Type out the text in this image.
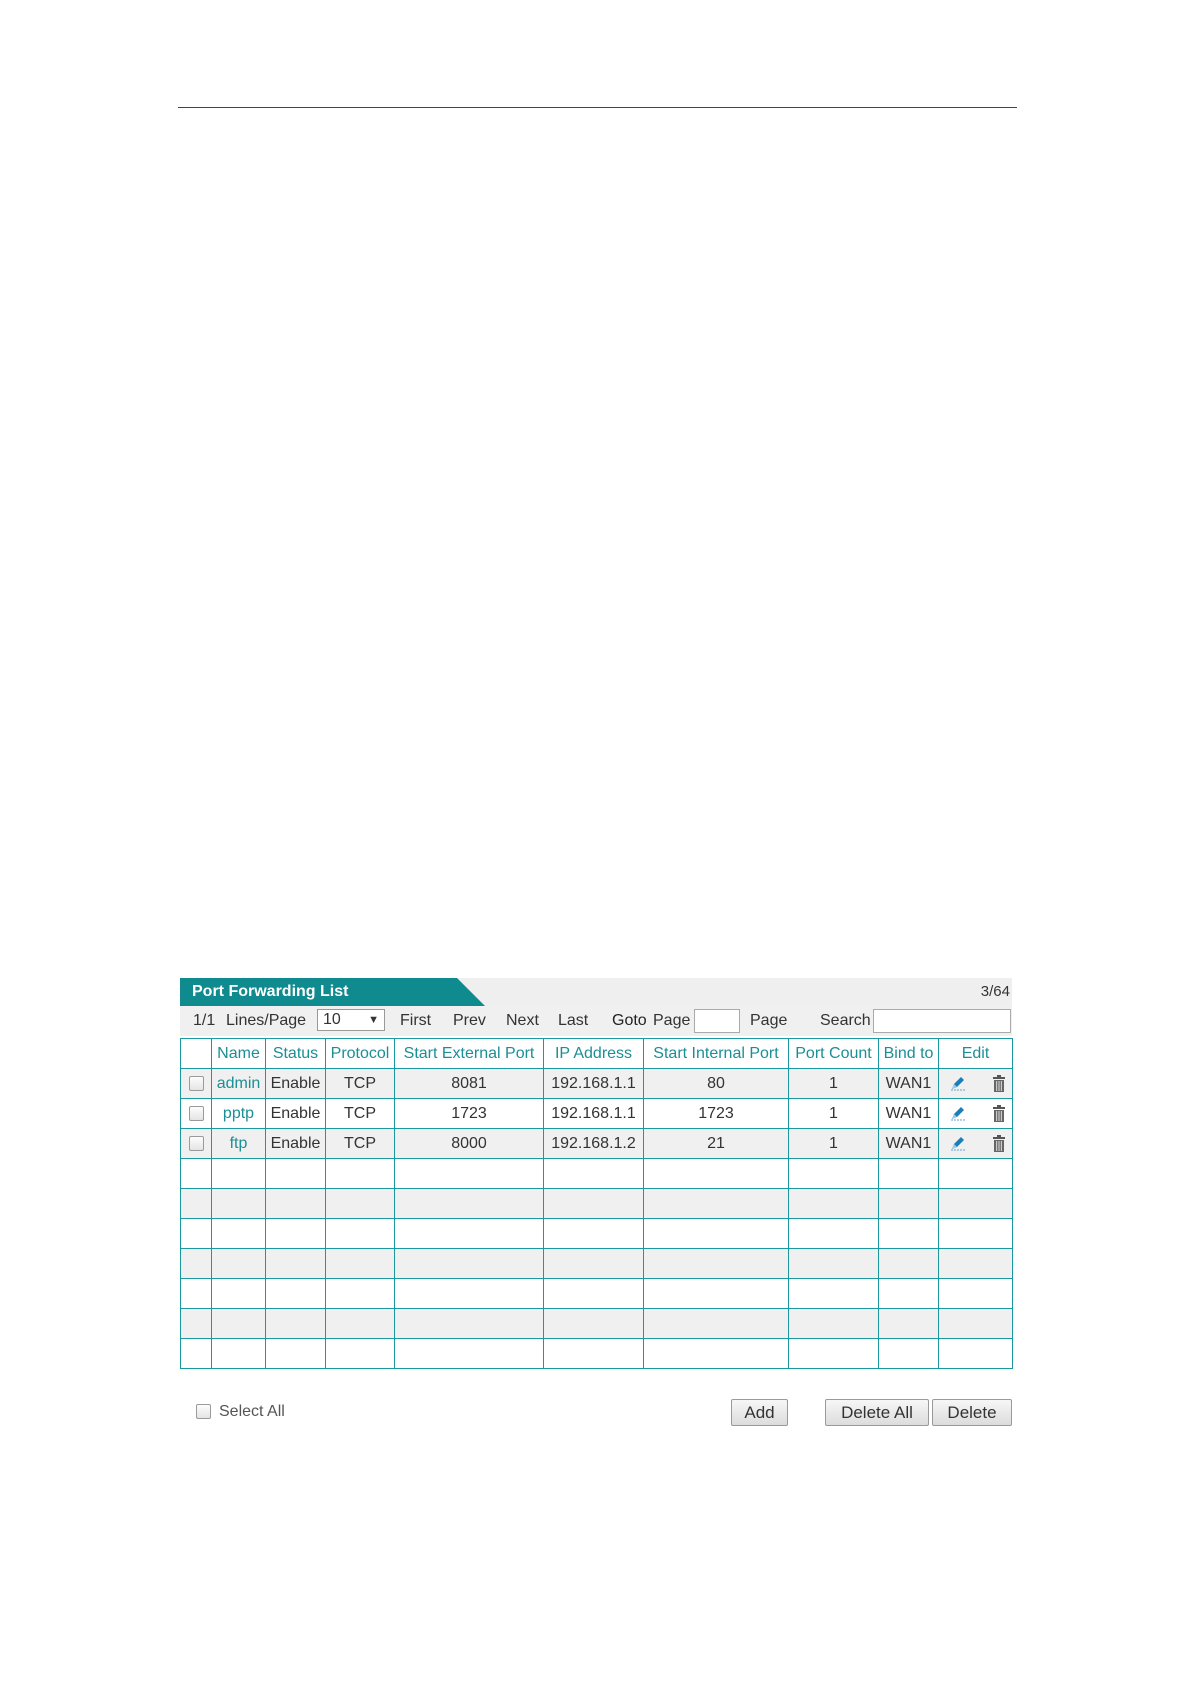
Port Forwarding List	3/64
1/1 Lines/Page	10 ▼ First Prev Next Last Goto Page	Page Search
	Name	Status	Protocol	Start External Port	IP Address	Start Internal Port	Port Count	Bind to	Edit
	admin	Enable	TCP	8081	192.168.1.1	80	1	WAN1	

	pptp	Enable	TCP	1723	192.168.1.1	1723	1	WAN1	

	ftp	Enable	TCP	8000	192.168.1.2	21	1	WAN1	

Select All	Add	Delete All	Delete
